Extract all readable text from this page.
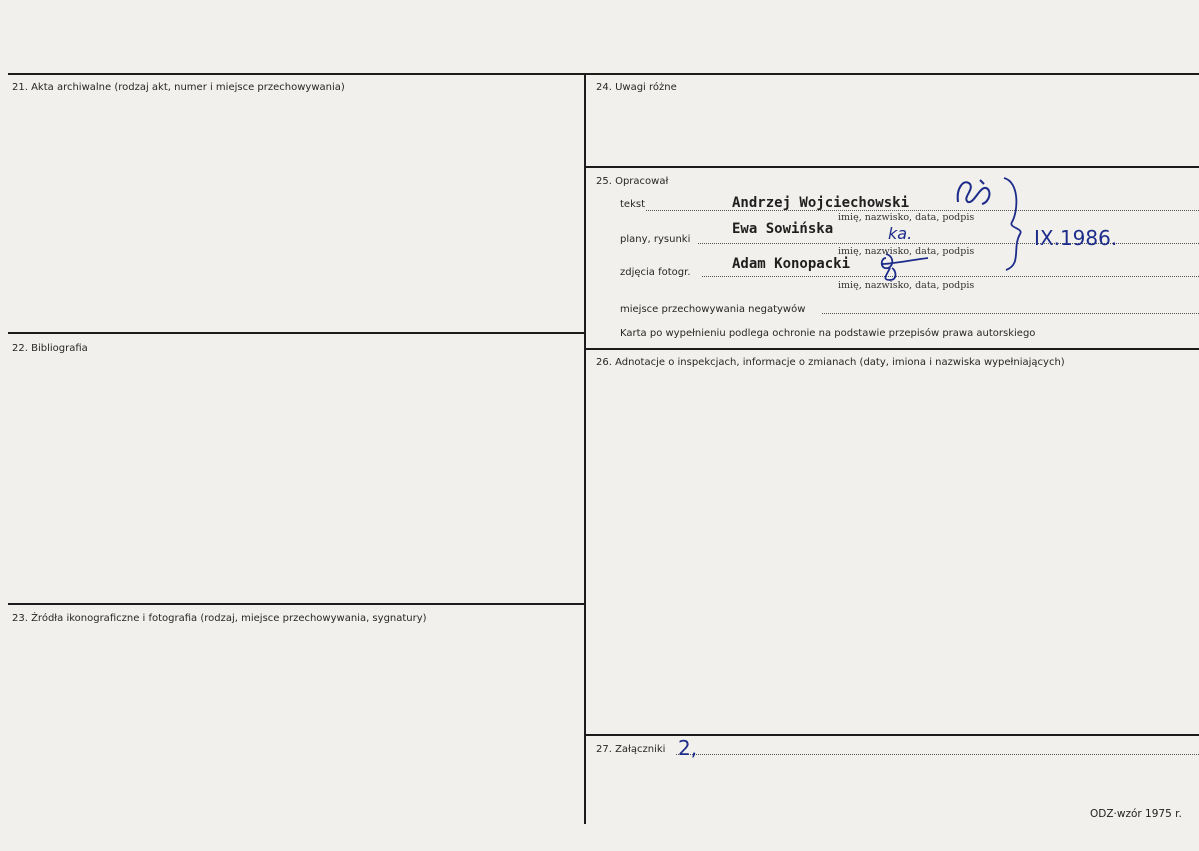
21. Akta archiwalne (rodzaj akt, numer i miejsce przechowywania)
22. Bibliografia
23. Źródła ikonograficzne i fotografia (rodzaj, miejsce przechowywania, sygnatury)
24. Uwagi różne
25. Opracował
26. Adnotacje o inspekcjach, informacje o zmianach (daty, imiona i nazwiska wypełniających)
27. Załączniki
tekst	Andrzej Wojciechowski
imię, nazwisko, data, podpis
plany, rysunki
Ewa Sowińska
imię, nazwisko, data, podpis
zdjęcia fotogr.
Adam Konopacki
imię, nazwisko, data, podpis
miejsce przechowywania negatywów
Karta po wypełnieniu podlega ochronie na podstawie przepisów prawa autorskiego
IX.1986.
ka.
2,
ODZ·wzór 1975 r.
